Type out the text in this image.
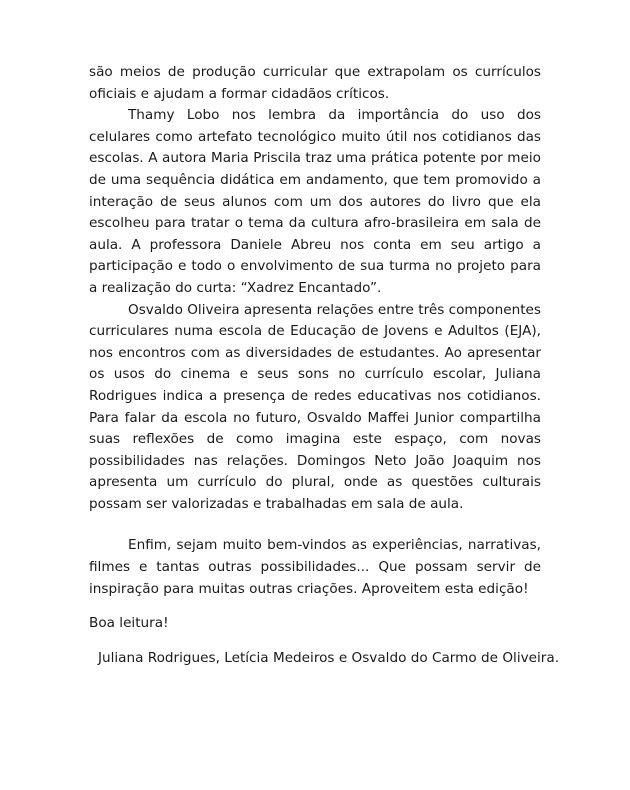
são meios de produção curricular que extrapolam os currículos oficiais e ajudam a formar cidadãos críticos.

Thamy Lobo nos lembra da importância do uso dos celulares como artefato tecnológico muito útil nos cotidianos das escolas. A autora Maria Priscila traz uma prática potente por meio de uma sequência didática em andamento, que tem promovido a interação de seus alunos com um dos autores do livro que ela escolheu para tratar o tema da cultura afro-brasileira em sala de aula. A professora Daniele Abreu nos conta em seu artigo a participação e todo o envolvimento de sua turma no projeto para a realização do curta: “Xadrez Encantado”.

Osvaldo Oliveira apresenta relações entre três componentes curriculares numa escola de Educação de Jovens e Adultos (EJA), nos encontros com as diversidades de estudantes. Ao apresentar os usos do cinema e seus sons no currículo escolar, Juliana Rodrigues indica a presença de redes educativas nos cotidianos. Para falar da escola no futuro, Osvaldo Maffei Junior compartilha suas reflexões de como imagina este espaço, com novas possibilidades nas relações. Domingos Neto João Joaquim nos apresenta um currículo do plural, onde as questões culturais possam ser valorizadas e trabalhadas em sala de aula.

Enfim, sejam muito bem-vindos as experiências, narrativas, filmes e tantas outras possibilidades... Que possam servir de inspiração para muitas outras criações. Aproveitem esta edição!

Boa leitura!

Juliana Rodrigues, Letícia Medeiros e Osvaldo do Carmo de Oliveira.
